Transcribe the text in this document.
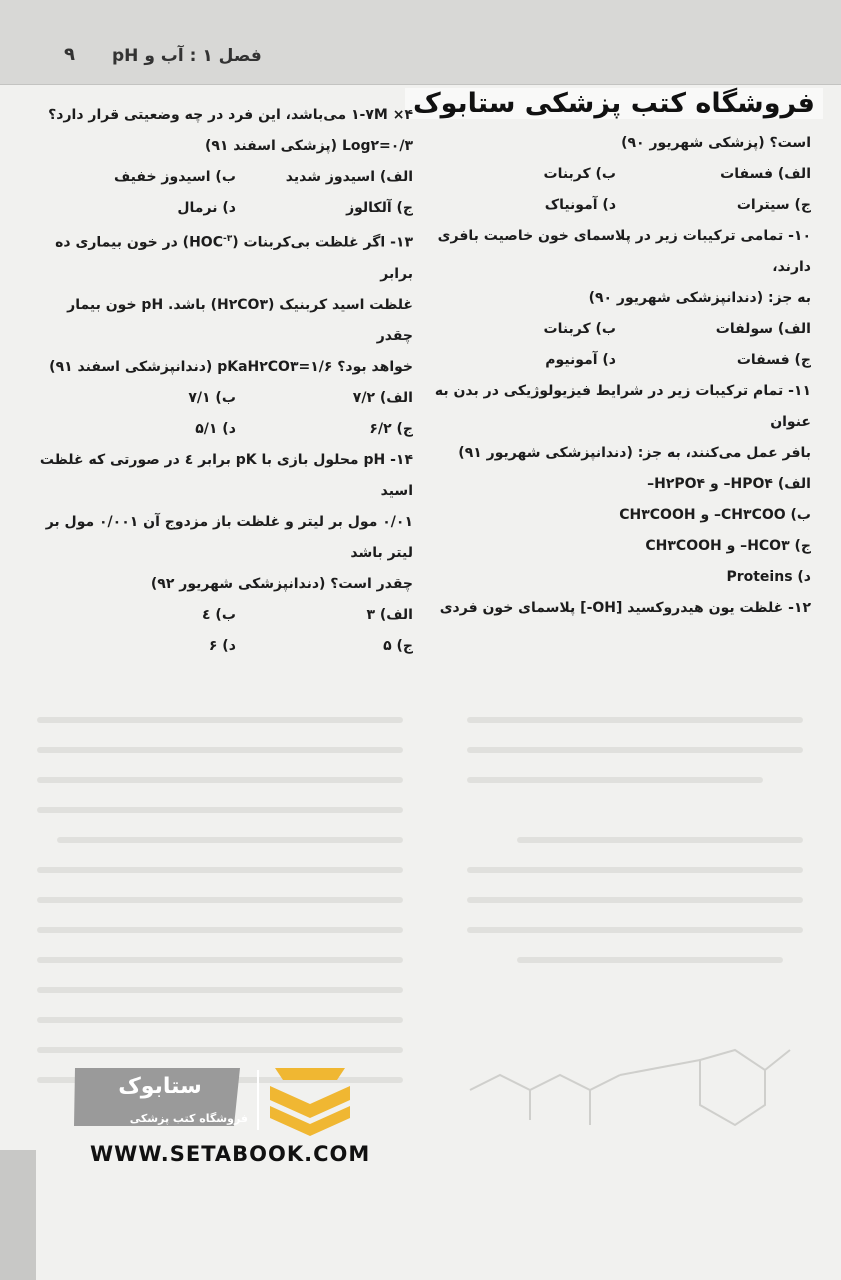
فصل ۱ : آب و pH
۹
فروشگاه کتب پزشکی ستابوک

است؟ (پزشکی شهریور ۹۰)

الف) فسفات
ب) کربنات
ج) سیترات
د) آمونیاک

۱۰- تمامی ترکیبات زیر در پلاسمای خون خاصیت بافری دارند،

به جز: (دندانپزشکی شهریور ۹۰)

الف) سولفات
ب) کربنات
ج) فسفات
د) آمونیوم

۱۱- تمام ترکیبات زیر در شرایط فیزیولوژیکی در بدن به عنوان

بافر عمل می‌کنند، به جز: (دندانپزشکی شهریور ۹۱)

الف) HPO۴– و H۲PO۴–

ب) CH۳COO– و CH۳COOH

ج) HCO۳– و CH۳COOH

د) Proteins

۱۲- غلظت یون هیدروکسید [OH-] پلاسمای خون فردی

۱-۷M ×۴ می‌باشد، این فرد در چه وضعیتی قرار دارد؟

Log۲=۰/۳ (پزشکی اسفند ۹۱)

الف) اسیدوز شدید
ب) اسیدوز خفیف
ج) آلکالوز
د) نرمال

۱۳- اگر غلظت بی‌کربنات $(HOC^{-۳})$ در خون بیماری ده برابر

غلظت اسید کربنیک (H۲CO۳) باشد. pH خون بیمار چقدر

خواهد بود؟ pKaH۲CO۳=۱/۶ (دندانپزشکی اسفند ۹۱)

الف) ۷/۲
ب) ۷/۱
ج) ۶/۲
د) ۵/۱

۱۴- pH محلول بازی با pK برابر ٤ در صورتی که غلظت اسید

۰/۰۱ مول بر لیتر و غلظت باز مزدوج آن ۰/۰۰۱ مول بر لیتر باشد

چقدر است؟ (دندانپزشکی شهریور ۹۲)

الف) ۳
ب) ٤
ج) ۵
د) ۶
ستابوک
فروشگاه کتب پزشکی
WWW.SETABOOK.COM
